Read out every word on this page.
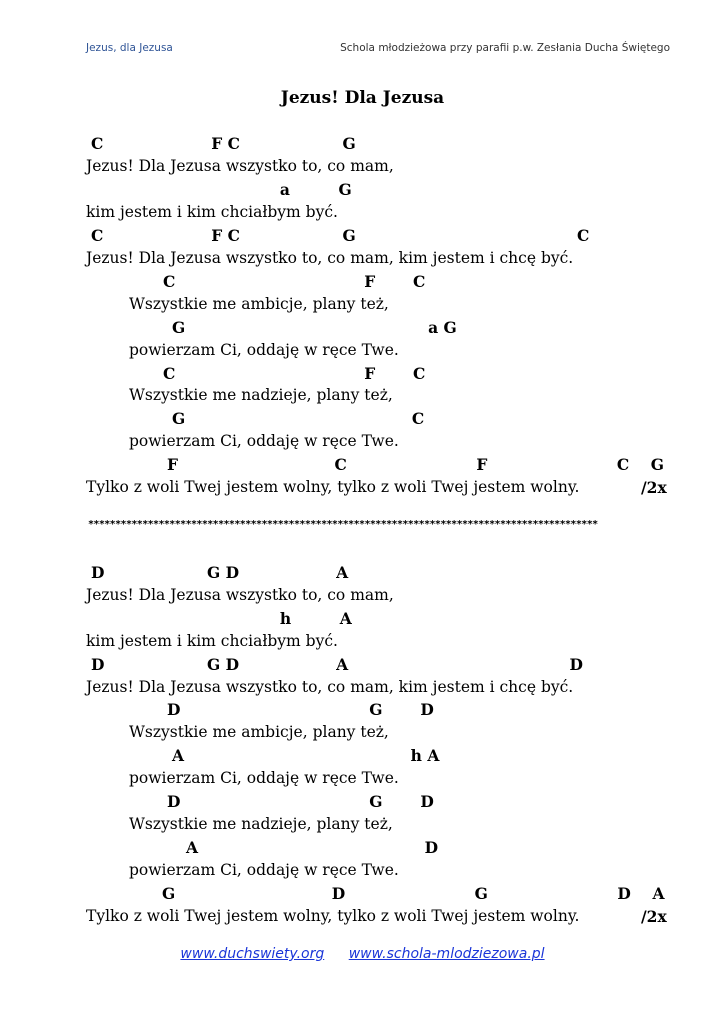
Jezus, dla Jezusa	Schola młodzieżowa przy parafii p.w. Zesłania Ducha Świętego
Jezus! Dla Jezusa
C                    F C                   G
Jezus! Dla Jezusa wszystko to, co mam,
a         G
kim jestem i kim chciałbym być.
C                    F C                   G                                         C
Jezus! Dla Jezusa wszystko to, co mam, kim jestem i chcę być.
C                                   F       C
Wszystkie me ambicje, plany też,
G                                             a G
powierzam Ci, oddaję w ręce Twe.
C                                   F       C
Wszystkie me nadzieje, plany też,
G                                          C
powierzam Ci, oddaję w ręce Twe.
F                             C                        F                        C    G
Tylko z woli Twej jestem wolny, tylko z woli Twej jestem wolny.	/2x
**********************************************************************************************
D                   G D                  A
Jezus! Dla Jezusa wszystko to, co mam,
h         A
kim jestem i kim chciałbym być.
D                   G D                  A                                         D
Jezus! Dla Jezusa wszystko to, co mam, kim jestem i chcę być.
D                                   G       D
Wszystkie me ambicje, plany też,
A                                          h A
powierzam Ci, oddaję w ręce Twe.
D                                   G       D
Wszystkie me nadzieje, plany też,
A                                          D
powierzam Ci, oddaję w ręce Twe.
G                             D                        G                        D    A
Tylko z woli Twej jestem wolny, tylko z woli Twej jestem wolny.	/2x
www.duchswiety.org www.schola-mlodziezowa.pl
